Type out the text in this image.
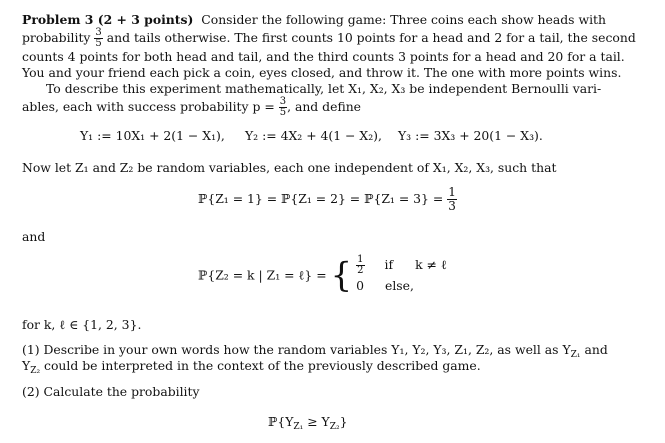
Problem 3 (2 + 3 points) Consider the following game: Three coins each show heads with
probability $\frac{3}{5}$ and tails otherwise. The first counts 10 points for a head and 2 for a tail, the second
counts 4 points for both head and tail, and the third counts 3 points for a head and 20 for a tail.
You and your friend each pick a coin, eyes closed, and throw it. The one with more points wins.
To describe this experiment mathematically, let X₁, X₂, X₃ be independent Bernoulli vari-
ables, each with success probability $p = \frac{3}{5}$ , and define
Y₁ := 10X₁ + 2(1 − X₁), Y₂ := 4X₂ + 4(1 − X₂), Y₃ := 3X₃ + 20(1 − X₃).
Now let Z₁ and Z₂ be random variables, each one independent of X₁, X₂, X₃, such that
ℙ{Z₁ = 1} = ℙ{Z₁ = 2} = ℙ{Z₁ = $3\} = \frac{1}{3}$
and
ℙ{Z₂ = k | Z₁ = ℓ} = { $\frac{1}{2}$ if k ≠ ℓ
0 else,
for k, ℓ ∈ {1, 2, 3}.
(1) Describe in your own words how the random variables Y₁, Y₂, Y₃, Z₁, Z₂, as well as $Y_{Z_1}$ and
$Y_{Z_2}$ could be interpreted in the context of the previously described game.
(2) Calculate the probability
$ℙ\{Y_{Z_1} \ge Y_{Z_2}\}$
